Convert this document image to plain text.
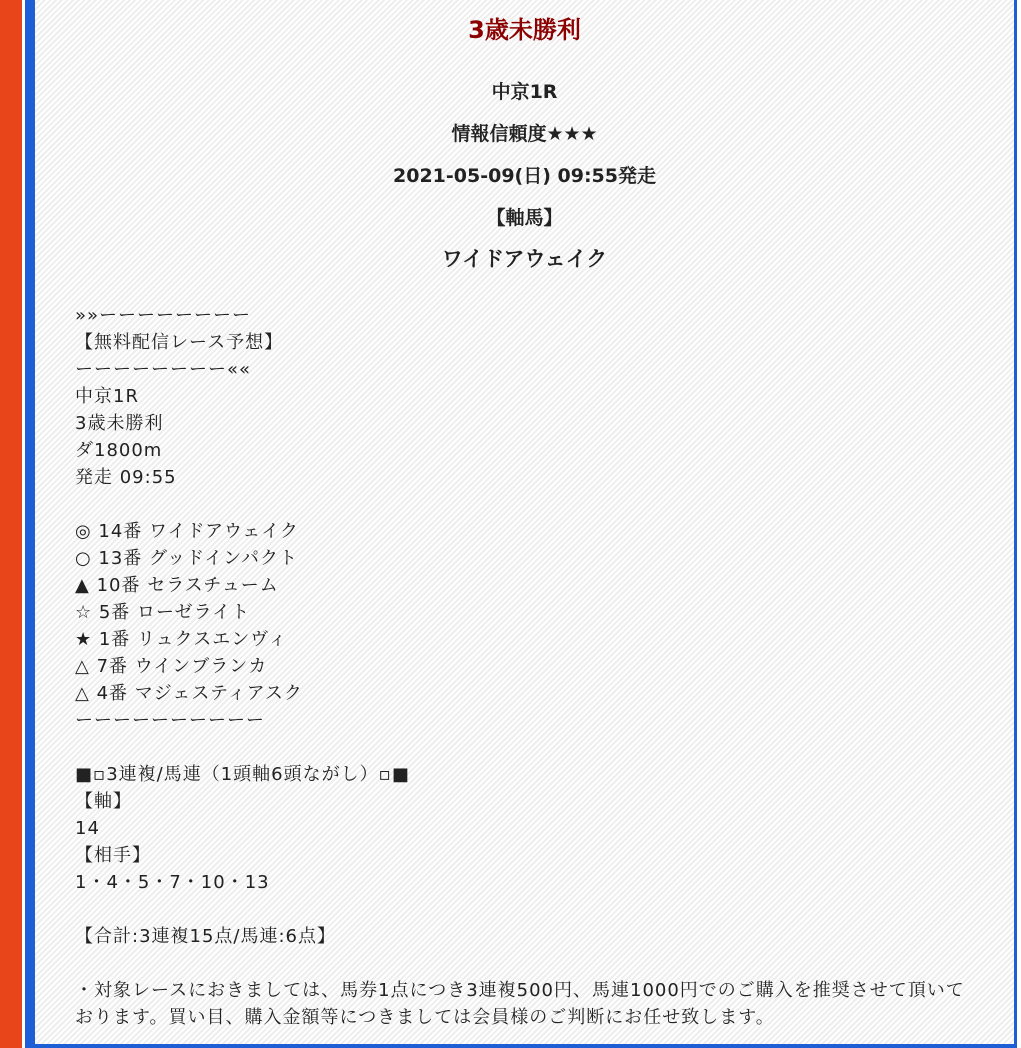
3歳未勝利
中京1R
情報信頼度★★★
2021-05-09(日) 09:55発走
【軸馬】
ワイドアウェイク
»»ーーーーーーーー
【無料配信レース予想】
ーーーーーーーー««
中京1R
3歳未勝利
ダ1800m
発走 09:55
◎ 14番 ワイドアウェイク
○ 13番 グッドインパクト
▲ 10番 セラスチューム
☆ 5番 ローゼライト
★ 1番 リュクスエンヴィ
△ 7番 ウインブランカ
△ 4番 マジェスティアスク
ーーーーーーーーーー
■▫3連複/馬連（1頭軸6頭ながし）▫■
【軸】
14
【相手】
1・4・5・7・10・13
【合計:3連複15点/馬連:6点】
・対象レースにおきましては、馬券1点につき3連複500円、馬連1000円でのご購入を推奨させて頂いております。買い目、購入金額等につきましては会員様のご判断にお任せ致します。
